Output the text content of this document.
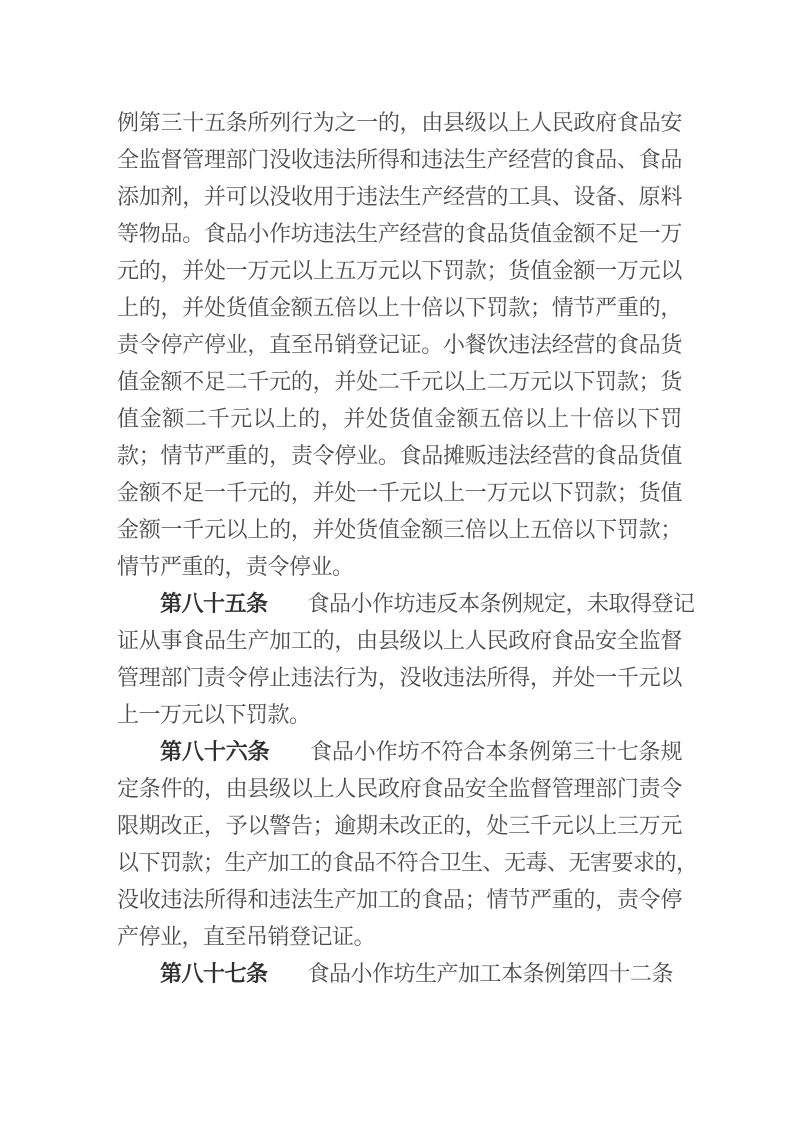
例 第 三 十 五 条 所 列 行 为 之 一 的 ， 由 县 级 以 上 人 民 政 府 食 品 安
全 监 督 管 理 部 门 没 收 违 法 所 得 和 违 法 生 产 经 营 的 食 品 、 食 品
添 加 剂 ， 并 可 以 没 收 用 于 违 法 生 产 经 营 的 工 具 、 设 备 、 原 料
等 物 品 。 食 品 小 作 坊 违 法 生 产 经 营 的 食 品 货 值 金 额 不 足 一 万
元 的 ， 并 处 一 万 元 以 上 五 万 元 以 下 罚 款 ； 货 值 金 额 一 万 元 以
上 的 ， 并 处 货 值 金 额 五 倍 以 上 十 倍 以 下 罚 款 ； 情 节 严 重 的 ，
责 令 停 产 停 业 ， 直 至 吊 销 登 记 证 。 小 餐 饮 违 法 经 营 的 食 品 货
值 金 额 不 足 二 千 元 的 ， 并 处 二 千 元 以 上 二 万 元 以 下 罚 款 ； 货
值 金 额 二 千 元 以 上 的 ， 并 处 货 值 金 额 五 倍 以 上 十 倍 以 下 罚
款 ； 情 节 严 重 的 ， 责 令 停 业 。 食 品 摊 贩 违 法 经 营 的 食 品 货 值
金 额 不 足 一 千 元 的 ， 并 处 一 千 元 以 上 一 万 元 以 下 罚 款 ； 货 值
金 额 一 千 元 以 上 的 ， 并 处 货 值 金 额 三 倍 以 上 五 倍 以 下 罚 款 ；
情 节 严 重 的 ， 责 令 停 业 。
第 八 十 五 条 食 品 小 作 坊 违 反 本 条 例 规 定 ， 未 取 得 登 记
证 从 事 食 品 生 产 加 工 的 ， 由 县 级 以 上 人 民 政 府 食 品 安 全 监 督
管 理 部 门 责 令 停 止 违 法 行 为 ， 没 收 违 法 所 得 ， 并 处 一 千 元 以
上 一 万 元 以 下 罚 款 。
第 八 十 六 条 食 品 小 作 坊 不 符 合 本 条 例 第 三 十 七 条 规
定 条 件 的 ， 由 县 级 以 上 人 民 政 府 食 品 安 全 监 督 管 理 部 门 责 令
限 期 改 正 ， 予 以 警 告 ； 逾 期 未 改 正 的 ， 处 三 千 元 以 上 三 万 元
以 下 罚 款 ； 生 产 加 工 的 食 品 不 符 合 卫 生 、 无 毒 、 无 害 要 求 的 ，
没 收 违 法 所 得 和 违 法 生 产 加 工 的 食 品 ； 情 节 严 重 的 ， 责 令 停
产 停 业 ， 直 至 吊 销 登 记 证 。
第 八 十 七 条 食 品 小 作 坊 生 产 加 工 本 条 例 第 四 十 二 条
